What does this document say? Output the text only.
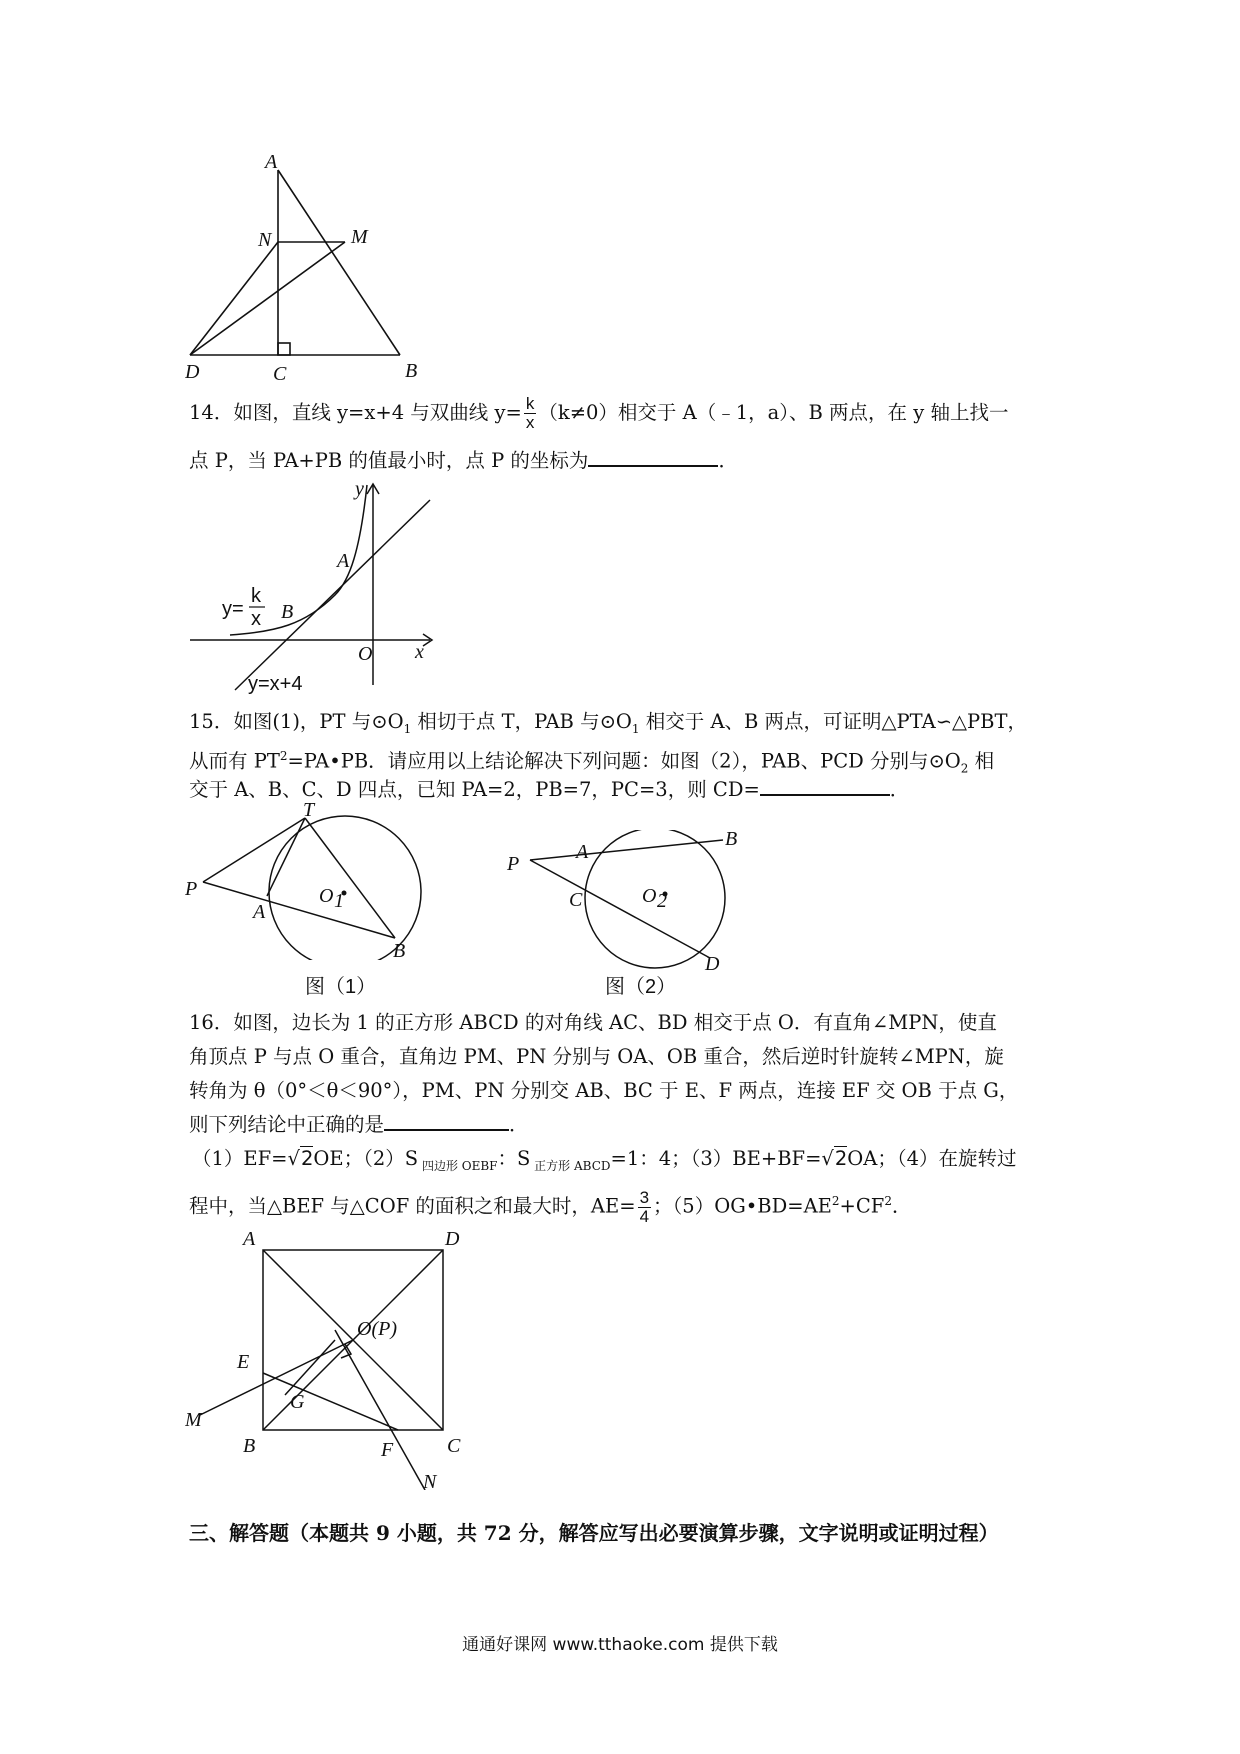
A
N	M
D	C	B
14．如图，直线 y=x+4 与双曲线 $y= \frac{k}{x} (k\ne 0)$相交于 A（﹣1，a）、B 两点，在 y 轴上找一
点 P，当 PA+PB 的值最小时，点 P 的坐标为	．
y
x
O
A
B
y=
k
x
y=x+4
15．如图(1)，PT 与$⊙O_1$ 相切于点 T，PAB 与$⊙O_1$ 相交于 A、B 两点，可证明△PTA∽△PBT，
从而有 $PT^2=PA•PB$．请应用以上结论解决下列问题：如图（2），PAB、PCD 分别与$⊙O_2$ 相
交于 A、B、C、D 四点，已知 PA=2，PB=7，PC=3，则 CD=	．
P
T
A
B
O 1
图（1）
P
A
B
C
D
O 2
图（2）
16．如图，边长为 1 的正方形 ABCD 的对角线 AC、BD 相交于点 O．有直角∠MPN，使直
角顶点 P 与点 O 重合，直角边 PM、PN 分别与 OA、OB 重合，然后逆时针旋转∠MPN，旋
转角为 θ（0°＜θ＜90°），PM、PN 分别交 AB、BC 于 E、F 两点，连接 EF 交 OB 于点 G，
则下列结论中正确的是	．
（1）EF=√2OE；（2）S $_{四边形 OEBF}$：S $_{正方形 ABCD}$=1：4；（3）BE+BF=√2OA；（4）在旋转过
程中，当△BEF 与△COF 的面积之和最大时，$AE= \frac{3}{4}$ ；$(5)OG•BD=AE^2+CF^2$．
A	D
B	C
E
F
G
M
N
O(P)
三、解答题（本题共 9 小题，共 72 分，解答应写出必要演算步骤，文字说明或证明过程）
通通好课网 www.tthaoke.com 提供下载
